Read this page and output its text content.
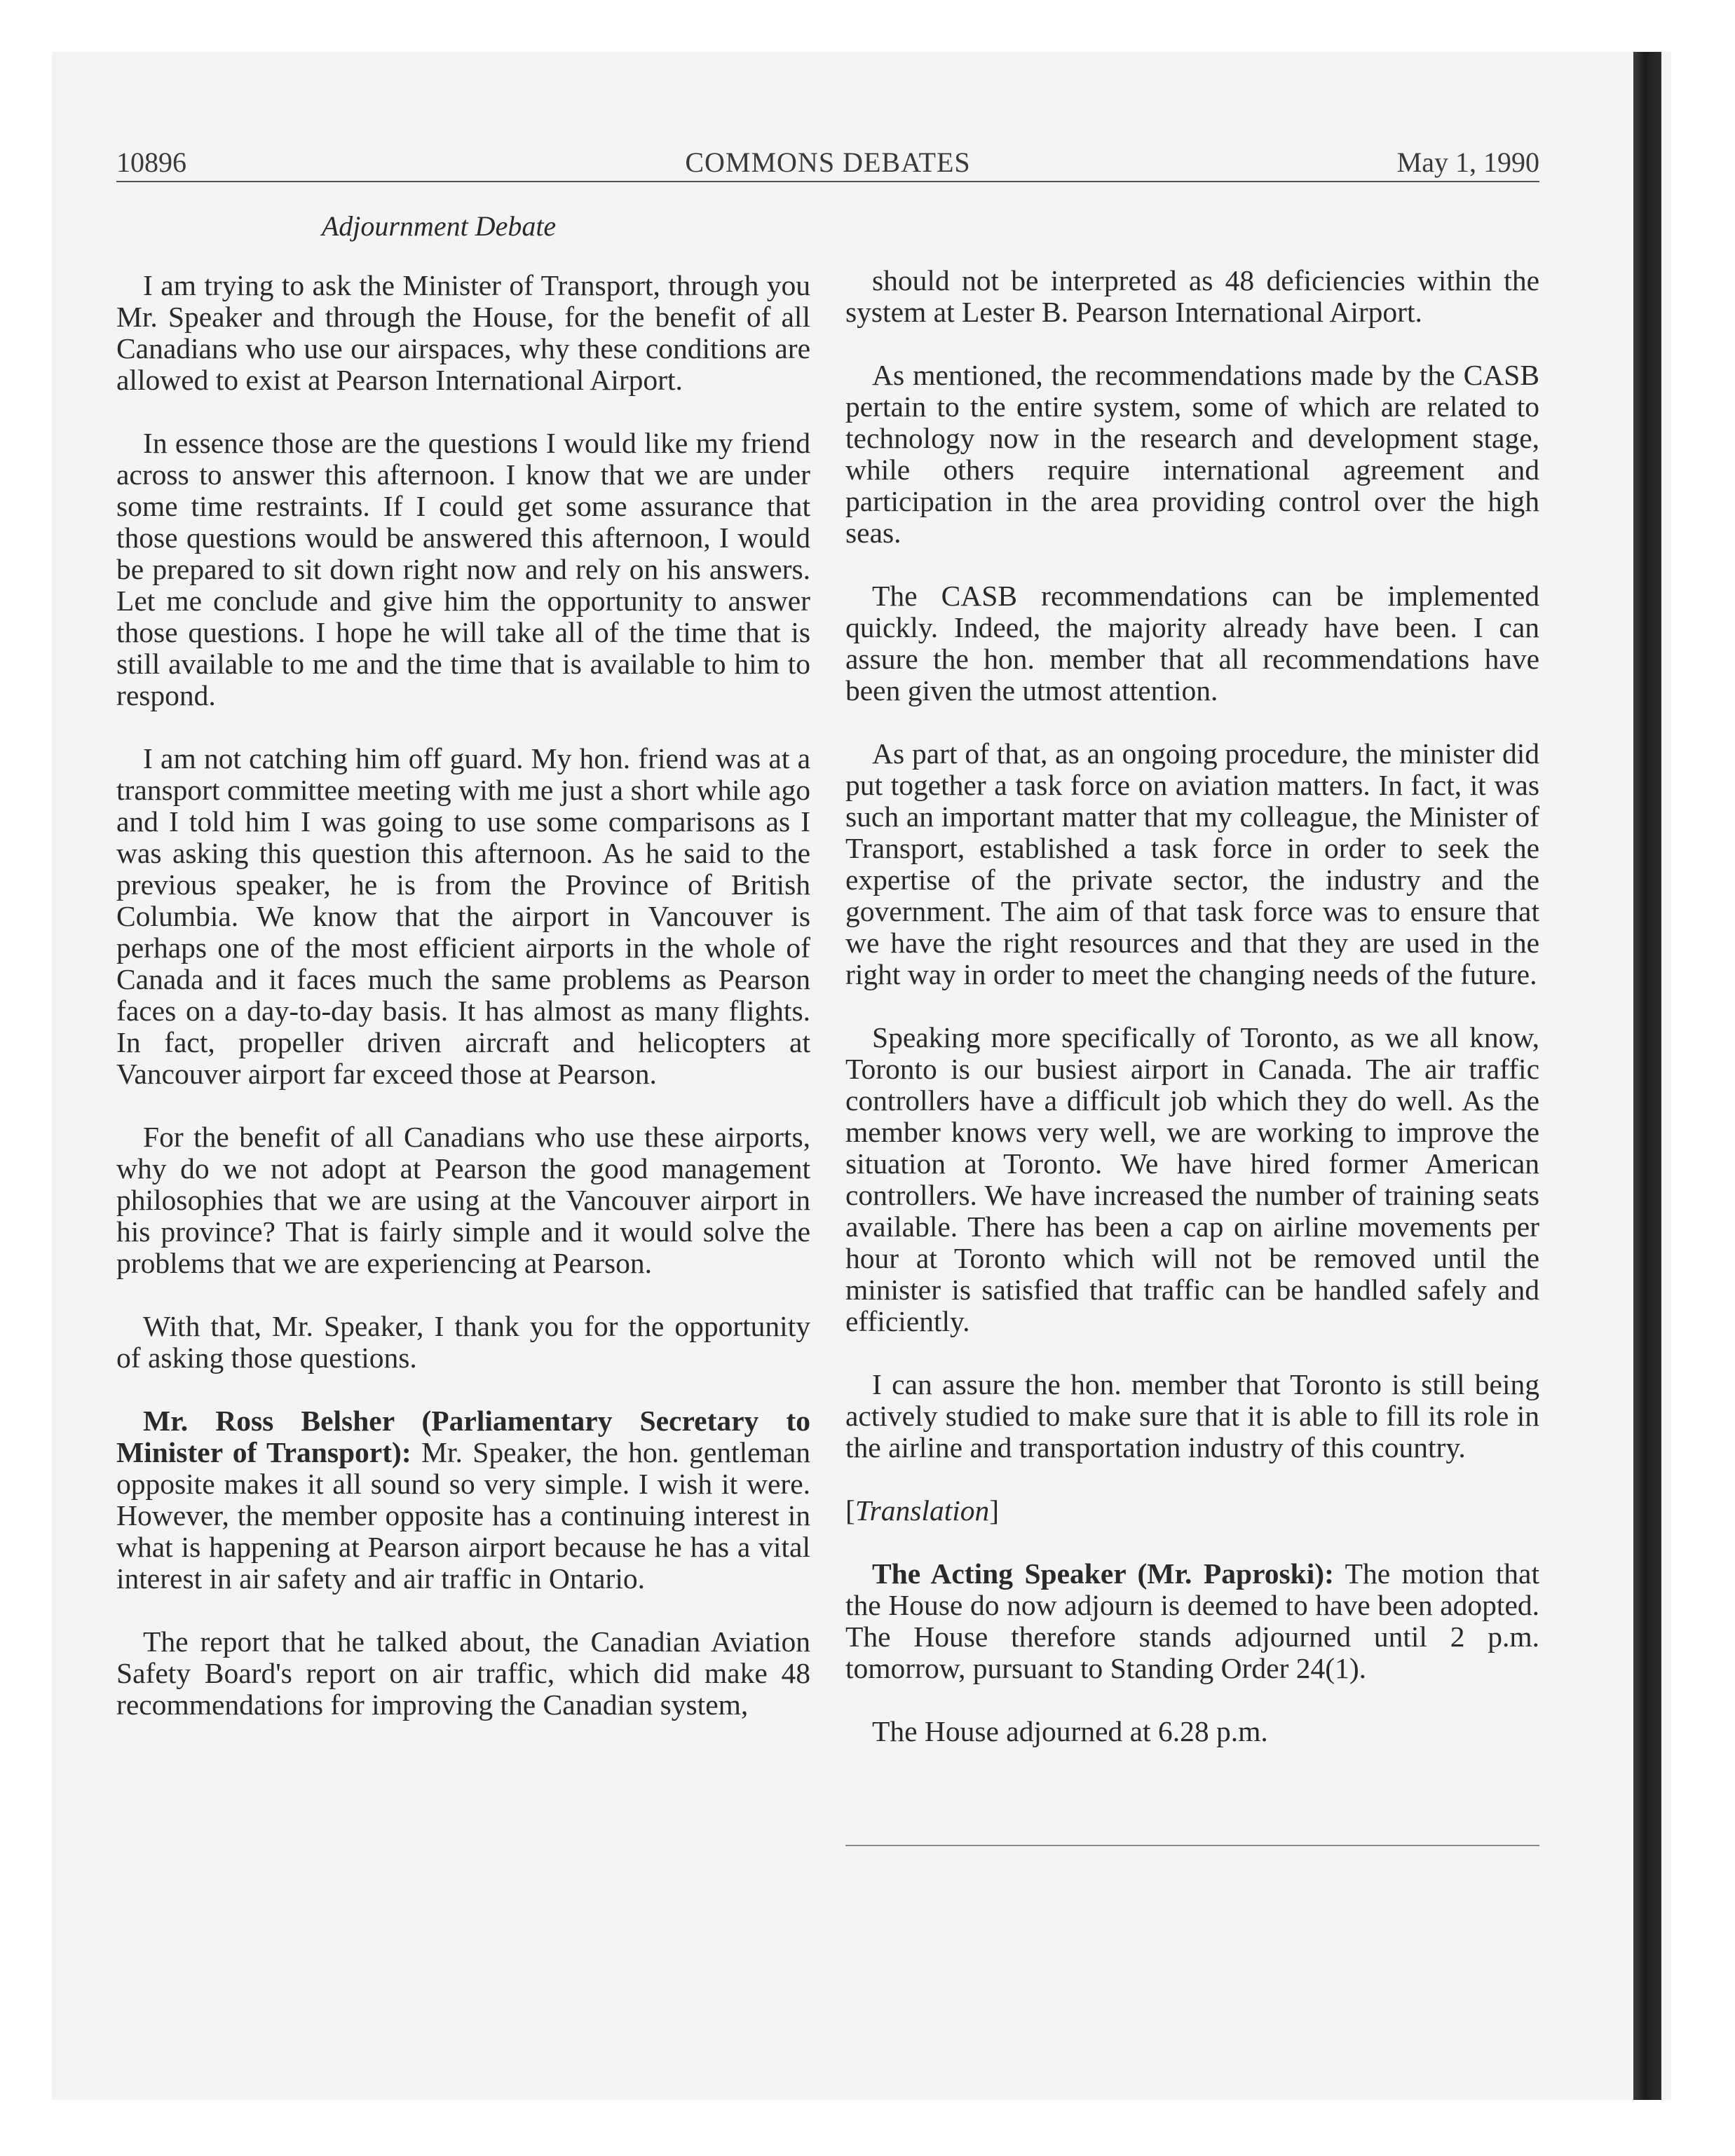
10896	COMMONS DEBATES	May 1, 1990
Adjournment Debate

I am trying to ask the Minister of Transport, through you Mr. Speaker and through the House, for the benefit of all Canadians who use our airspaces, why these conditions are allowed to exist at Pearson International Airport.

In essence those are the questions I would like my friend across to answer this afternoon. I know that we are under some time restraints. If I could get some assurance that those questions would be answered this afternoon, I would be prepared to sit down right now and rely on his answers. Let me conclude and give him the opportunity to answer those questions. I hope he will take all of the time that is still available to me and the time that is available to him to respond.

I am not catching him off guard. My hon. friend was at a transport committee meeting with me just a short while ago and I told him I was going to use some comparisons as I was asking this question this afternoon. As he said to the previous speaker, he is from the Province of British Columbia. We know that the airport in Vancouver is perhaps one of the most efficient airports in the whole of Canada and it faces much the same problems as Pearson faces on a day-to-day basis. It has almost as many flights. In fact, propeller driven aircraft and helicopters at Vancouver airport far exceed those at Pearson.

For the benefit of all Canadians who use these airports, why do we not adopt at Pearson the good management philosophies that we are using at the Vancouver airport in his province? That is fairly simple and it would solve the problems that we are experiencing at Pearson.

With that, Mr. Speaker, I thank you for the opportunity of asking those questions.

Mr. Ross Belsher (Parliamentary Secretary to Minister of Transport): Mr. Speaker, the hon. gentleman opposite makes it all sound so very simple. I wish it were. However, the member opposite has a continuing interest in what is happening at Pearson airport because he has a vital interest in air safety and air traffic in Ontario.

The report that he talked about, the Canadian Aviation Safety Board's report on air traffic, which did make 48 recommendations for improving the Canadian system,

should not be interpreted as 48 deficiencies within the system at Lester B. Pearson International Airport.

As mentioned, the recommendations made by the CASB pertain to the entire system, some of which are related to technology now in the research and development stage, while others require international agreement and participation in the area providing control over the high seas.

The CASB recommendations can be implemented quickly. Indeed, the majority already have been. I can assure the hon. member that all recommendations have been given the utmost attention.

As part of that, as an ongoing procedure, the minister did put together a task force on aviation matters. In fact, it was such an important matter that my colleague, the Minister of Transport, established a task force in order to seek the expertise of the private sector, the industry and the government. The aim of that task force was to ensure that we have the right resources and that they are used in the right way in order to meet the changing needs of the future.

Speaking more specifically of Toronto, as we all know, Toronto is our busiest airport in Canada. The air traffic controllers have a difficult job which they do well. As the member knows very well, we are working to improve the situation at Toronto. We have hired former American controllers. We have increased the number of training seats available. There has been a cap on airline movements per hour at Toronto which will not be removed until the minister is satisfied that traffic can be handled safely and efficiently.

I can assure the hon. member that Toronto is still being actively studied to make sure that it is able to fill its role in the airline and transportation industry of this country.

[Translation]

The Acting Speaker (Mr. Paproski): The motion that the House do now adjourn is deemed to have been adopted. The House therefore stands adjourned until 2 p.m. tomorrow, pursuant to Standing Order 24(1).

The House adjourned at 6.28 p.m.
